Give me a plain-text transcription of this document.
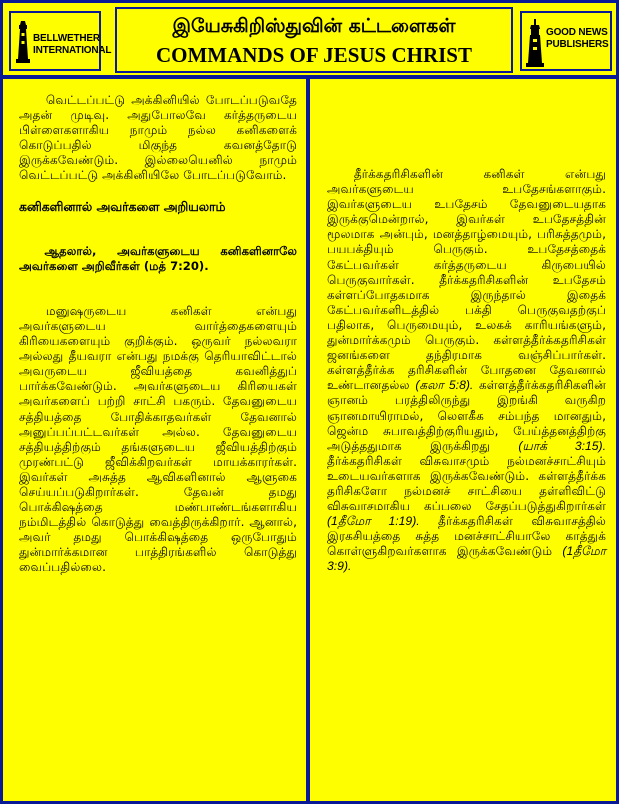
BELLWETHER
INTERNATIONAL
இயேசுகிறிஸ்துவின் கட்டளைகள்
COMMANDS OF JESUS CHRIST
GOOD NEWS
PUBLISHERS

வெட்டப்பட்டு அக்கினியில் போடப்படுவதே அதன் முடிவு. அதுபோலவே கர்த்தருடைய பிள்ளைகளாகிய நாமும் நல்ல கனிகளைக் கொடுப்பதில் மிகுந்த கவனத்தோடு இருக்கவேண்டும். இல்லையெனில் நாமும் வெட்டப்பட்டு அக்கினியிலே போடப்படுவோம்.

கனிகளினால் அவர்களை அறியலாம்

ஆதலால், அவர்களுடைய கனிகளினாலே அவர்களை அறிவீர்கள் (மத் 7:20).

மனுஷருடைய கனிகள் என்பது அவர்களுடைய வார்த்தைகளையும் கிரியைகளையும் குறிக்கும். ஒருவர் நல்லவரா அல்லது தீயவரா என்பது நமக்கு தெரியாவிட்டால் அவருடைய ஜீவியத்தை கவனித்துப் பார்க்கவேண்டும். அவர்களுடைய கிரியைகள் அவர்களைப் பற்றி சாட்சி பகரும். தேவனுடைய சத்தியத்தை போதிக்காதவர்கள் தேவனால் அனுப்பப்பட்டவர்கள் அல்ல. தேவனுடைய சத்தியத்திற்கும் தங்களுடைய ஜீவியத்திற்கும் முரண்பட்டு ஜீவிக்கிறவர்கள் மாயக்காரர்கள். இவர்கள் அசுத்த ஆவிகளினால் ஆளுகை செய்யப்படுகிறார்கள். தேவன் தமது பொக்கிஷத்தை மண்பாண்டங்களாகிய நம்மிடத்தில் கொடுத்து வைத்திருக்கிறார். ஆனால், அவர் தமது பொக்கிஷத்தை ஒருபோதும் துன்மார்க்கமான பாத்திரங்களில் கொடுத்து வைப்பதில்லை.

தீர்க்கதரிசிகளின் கனிகள் என்பது அவர்களுடைய உபதேசங்களாகும். இவர்களுடைய உபதேசம் தேவனுடையதாக இருக்குமென்றால், இவர்கள் உபதேசத்தின் மூலமாக அன்பும், மனத்தாழ்மையும், பரிசுத்தமும், பயபக்தியும் பெருகும். உபதேசத்தைக் கேட்பவர்கள் கர்த்தருடைய கிருபையில் பெருகுவார்கள். தீர்க்கதரிசிகளின் உபதேசம் கள்ளப்போதகமாக இருந்தால் இதைக் கேட்பவர்களிடத்தில் பக்தி பெருகுவதற்குப் பதிலாக, பெருமையும், உலகக் காரியங்களும், துன்மார்க்கமும் பெருகும். கள்ளத்தீர்க்கதரிசிகள் ஜனங்களை தந்திரமாக வஞ்சிப்பார்கள். கள்ளத்தீர்க்க தரிசிகளின் போதனை தேவனால் உண்டானதல்ல (கலா 5:8). கள்ளத்தீர்க்கதரிசிகளின் ஞானம் பரத்திலிருந்து இறங்கி வருகிற ஞானமாயிராமல், லௌகீக சம்பந்த மானதும், ஜென்ம சுபாவத்திற்குரியதும், பேய்த்தனத்திற்கு அடுத்ததுமாக இருக்கிறது (யாக் 3:15). தீர்க்கதரிசிகள் விசுவாசமும் நல்மனச்சாட்சியும் உடையவர்களாக இருக்கவேண்டும். கள்ளத்தீர்க்க தரிசிகளோ நல்மனச் சாட்சியை தள்ளிவிட்டு விசுவாசமாகிய கப்பலை சேதப்படுத்துகிறார்கள் (1தீமோ 1:19). தீர்க்கதரிசிகள் விசுவாசத்தில் இரகசியத்தை சுத்த மனச்சாட்சியாலே காத்துக் கொள்ளுகிறவர்களாக இருக்கவேண்டும் (1தீமோ 3:9).
